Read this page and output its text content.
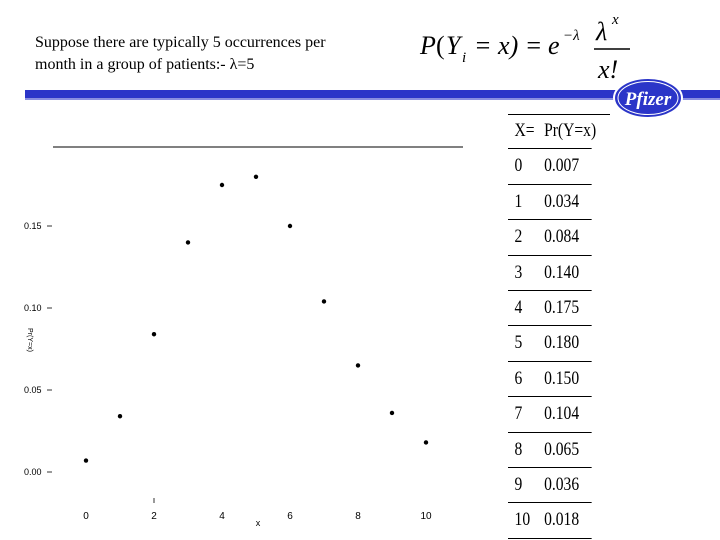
Suppose there are typically 5 occurrences per
month in a group of patients:- λ=5
P ( Y i = x) = e −λ λ x
x!
Pfizer
0.00
0.05
0.10
0.15
0	2	4	6	8	10
Pr(Y=x)
x
X= Pr(Y=x)
0 0.007
1 0.034
2 0.084
3 0.140
4 0.175
5 0.180
6 0.150
7 0.104
8 0.065
9 0.036
10 0.018
